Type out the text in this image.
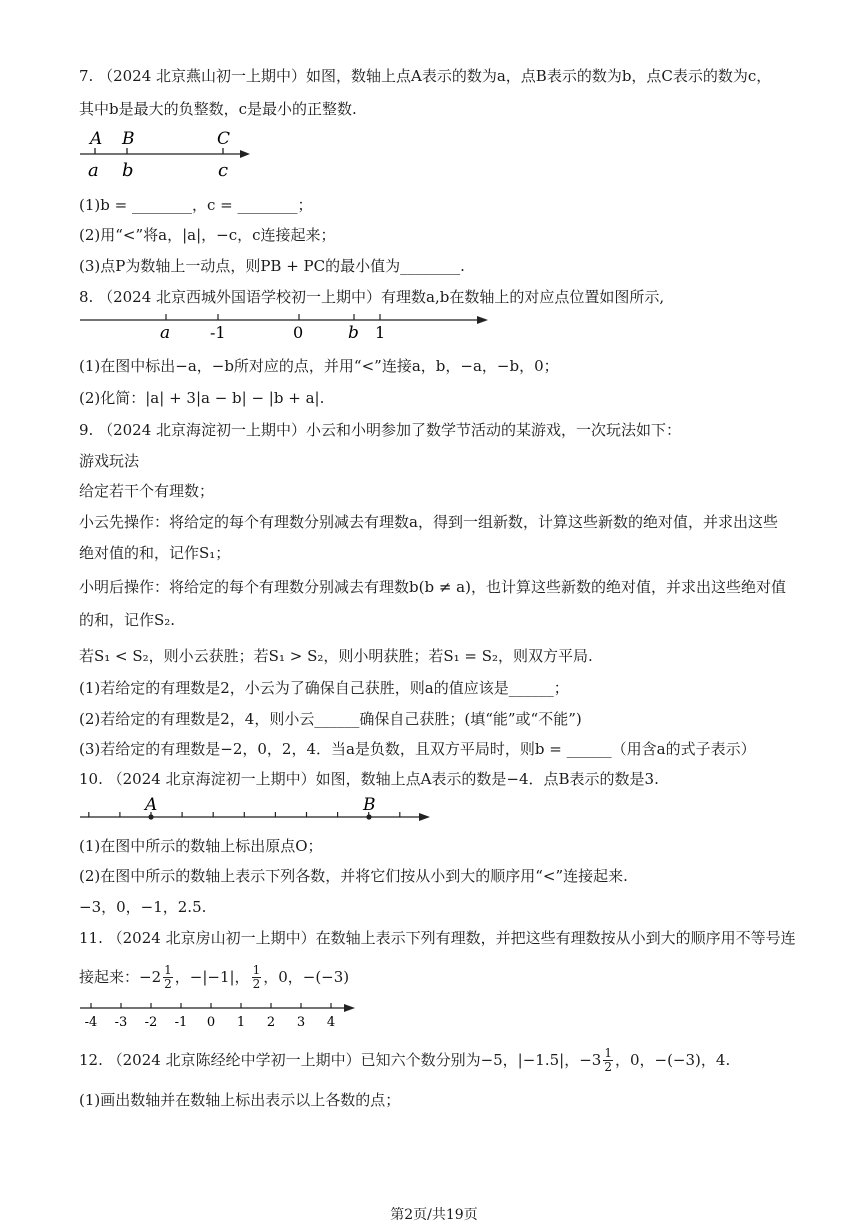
7. （2024 北京燕山初一上期中）如图，数轴上点A表示的数为a，点B表示的数为b，点C表示的数为c，
其中b是最大的负整数，c是最小的正整数.
A B	C
a b	c
(1)b = ________，c = ________；
(2)用“<”将a，|a|，−c，c连接起来；
(3)点P为数轴上一动点，则PB + PC的最小值为________.
8. （2024 北京西城外国语学校初一上期中）有理数a,b在数轴上的对应点位置如图所示,
a -1	0	b 1
(1)在图中标出−a，−b所对应的点，并用“<”连接a，b，−a，−b，0；
(2)化简：|a| + 3|a − b| − |b + a|.
9. （2024 北京海淀初一上期中）小云和小明参加了数学节活动的某游戏，一次玩法如下：
游戏玩法
给定若干个有理数；
小云先操作：将给定的每个有理数分别减去有理数a，得到一组新数，计算这些新数的绝对值，并求出这些
绝对值的和，记作S₁；
小明后操作：将给定的每个有理数分别减去有理数b(b ≠ a)，也计算这些新数的绝对值，并求出这些绝对值
的和，记作S₂.
若S₁ < S₂，则小云获胜；若S₁ > S₂，则小明获胜；若S₁ = S₂，则双方平局.
(1)若给定的有理数是2，小云为了确保自己获胜，则a的值应该是______；
(2)若给定的有理数是2，4，则小云______确保自己获胜；(填“能”或“不能”)
(3)若给定的有理数是−2，0，2，4．当a是负数，且双方平局时，则b = ______（用含a的式子表示）
10. （2024 北京海淀初一上期中）如图，数轴上点A表示的数是−4．点B表示的数是3.
A	B
(1)在图中所示的数轴上标出原点O；
(2)在图中所示的数轴上表示下列各数，并将它们按从小到大的顺序用“<”连接起来.
−3，0，−1，2.5.
11. （2024 北京房山初一上期中）在数轴上表示下列有理数，并把这些有理数按从小到大的顺序用不等号连
接起来：$-2 \frac{1}{2}$ ，−|−1|， $\frac{1}{2}$ ，0，−(−3)
-4 -3 -2 -1 0 1 2 3 4
12. （2024 北京陈经纶中学初一上期中）已知六个数分别为−5，|−1.5|，$-3 \frac{1}{2}$ ，0，−(−3)，4.
(1)画出数轴并在数轴上标出表示以上各数的点；
第2页/共19页
